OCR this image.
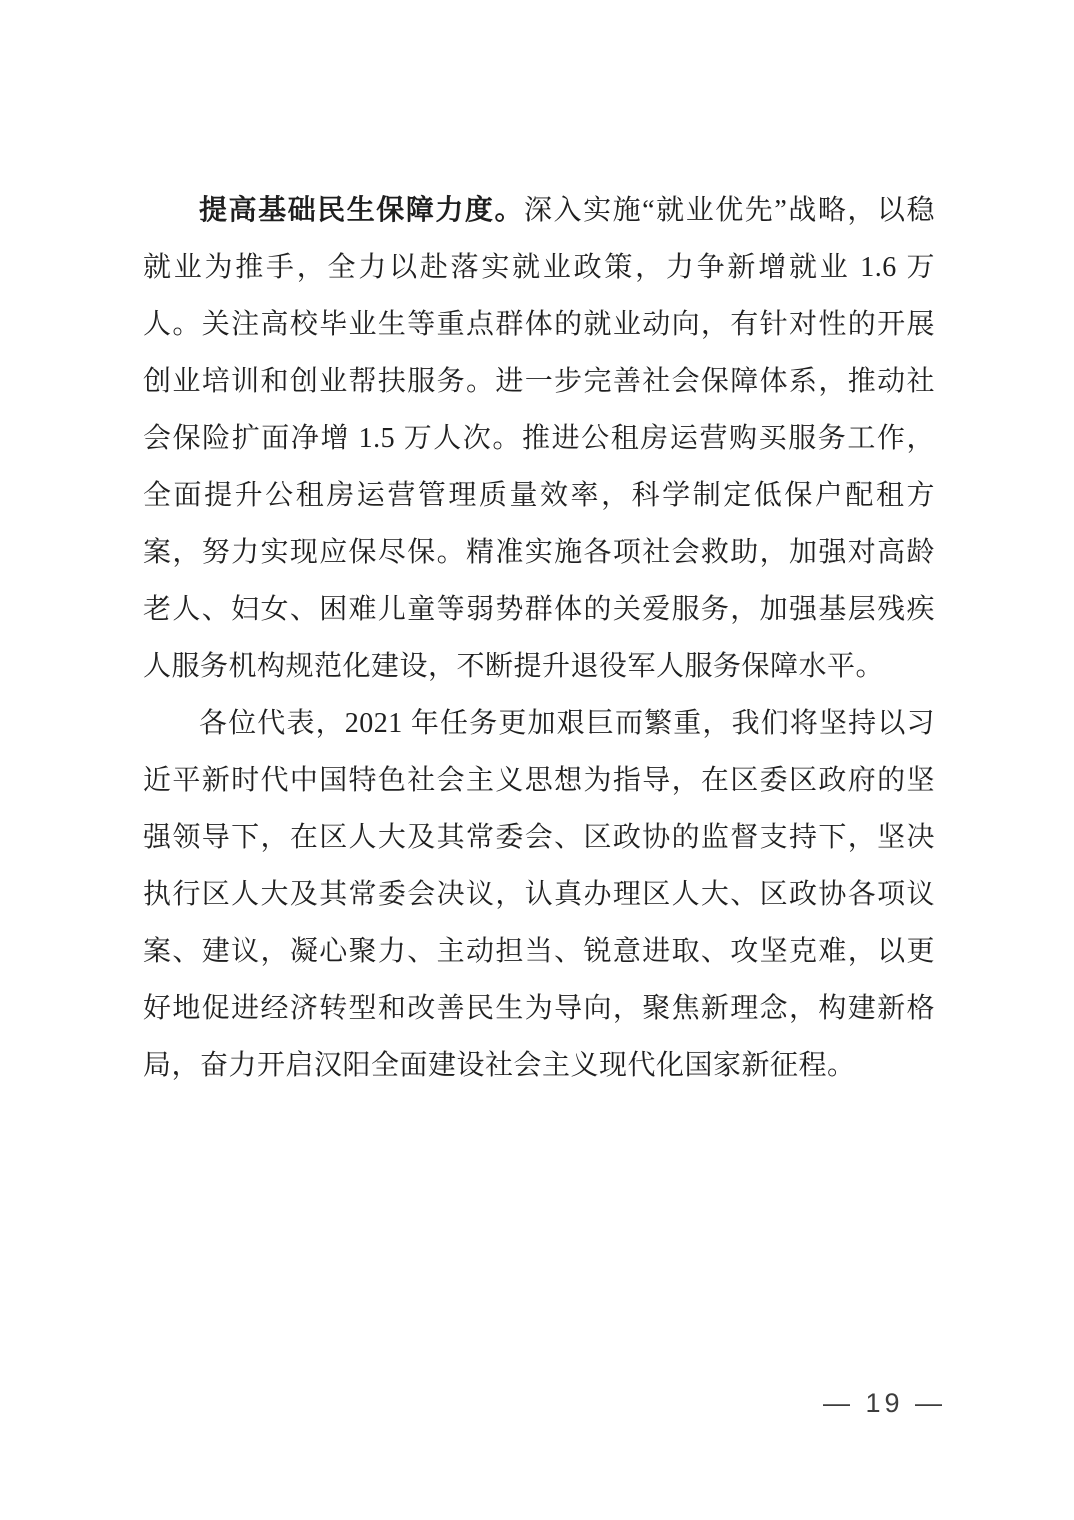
提高基础民生保障力度。深入实施“就业优先”战略，以稳就业为推手，全力以赴落实就业政策，力争新增就业 1.6 万人。关注高校毕业生等重点群体的就业动向，有针对性的开展创业培训和创业帮扶服务。进一步完善社会保障体系，推动社会保险扩面净增 1.5 万人次。推进公租房运营购买服务工作，全面提升公租房运营管理质量效率，科学制定低保户配租方案，努力实现应保尽保。精准实施各项社会救助，加强对高龄老人、妇女、困难儿童等弱势群体的关爱服务，加强基层残疾人服务机构规范化建设，不断提升退役军人服务保障水平。

各位代表，2021 年任务更加艰巨而繁重，我们将坚持以习近平新时代中国特色社会主义思想为指导，在区委区政府的坚强领导下，在区人大及其常委会、区政协的监督支持下，坚决执行区人大及其常委会决议，认真办理区人大、区政协各项议案、建议，凝心聚力、主动担当、锐意进取、攻坚克难，以更好地促进经济转型和改善民生为导向，聚焦新理念，构建新格局，奋力开启汉阳全面建设社会主义现代化国家新征程。

— 19 —
